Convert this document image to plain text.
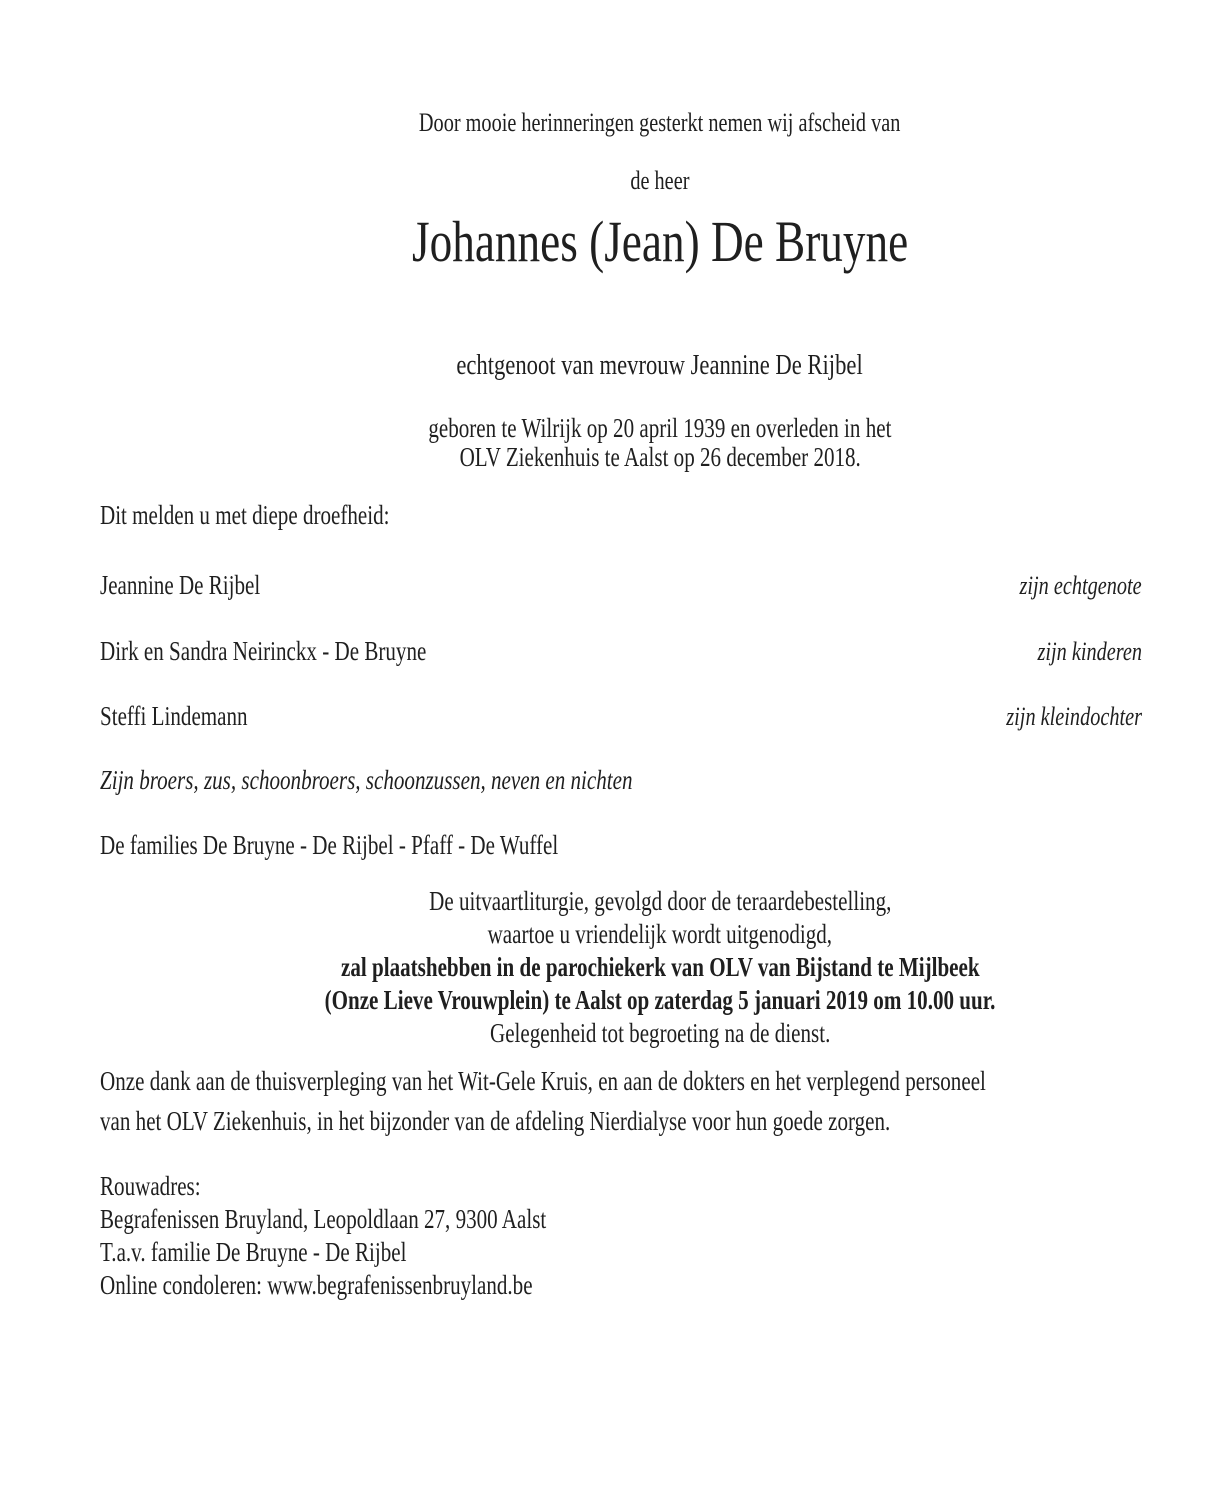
Door mooie herinneringen gesterkt nemen wij afscheid van
de heer
Johannes (Jean) De Bruyne
echtgenoot van mevrouw Jeannine De Rijbel
geboren te Wilrijk op 20 april 1939 en overleden in het
OLV Ziekenhuis te Aalst op 26 december 2018.
Dit melden u met diepe droefheid:
Jeannine De Rijbel	zijn echtgenote
Dirk en Sandra Neirinckx - De Bruyne	zijn kinderen
Steffi Lindemann	zijn kleindochter
Zijn broers, zus, schoonbroers, schoonzussen, neven en nichten
De families De Bruyne - De Rijbel - Pfaff - De Wuffel
De uitvaartliturgie, gevolgd door de teraardebestelling,
waartoe u vriendelijk wordt uitgenodigd,
zal plaatshebben in de parochiekerk van OLV van Bijstand te Mijlbeek
(Onze Lieve Vrouwplein) te Aalst op zaterdag 5 januari 2019 om 10.00 uur.
Gelegenheid tot begroeting na de dienst.
Onze dank aan de thuisverpleging van het Wit-Gele Kruis, en aan de dokters en het verplegend personeel
van het OLV Ziekenhuis, in het bijzonder van de afdeling Nierdialyse voor hun goede zorgen.
Rouwadres:
Begrafenissen Bruyland, Leopoldlaan 27, 9300 Aalst
T.a.v. familie De Bruyne - De Rijbel
Online condoleren: www.begrafenissenbruyland.be
